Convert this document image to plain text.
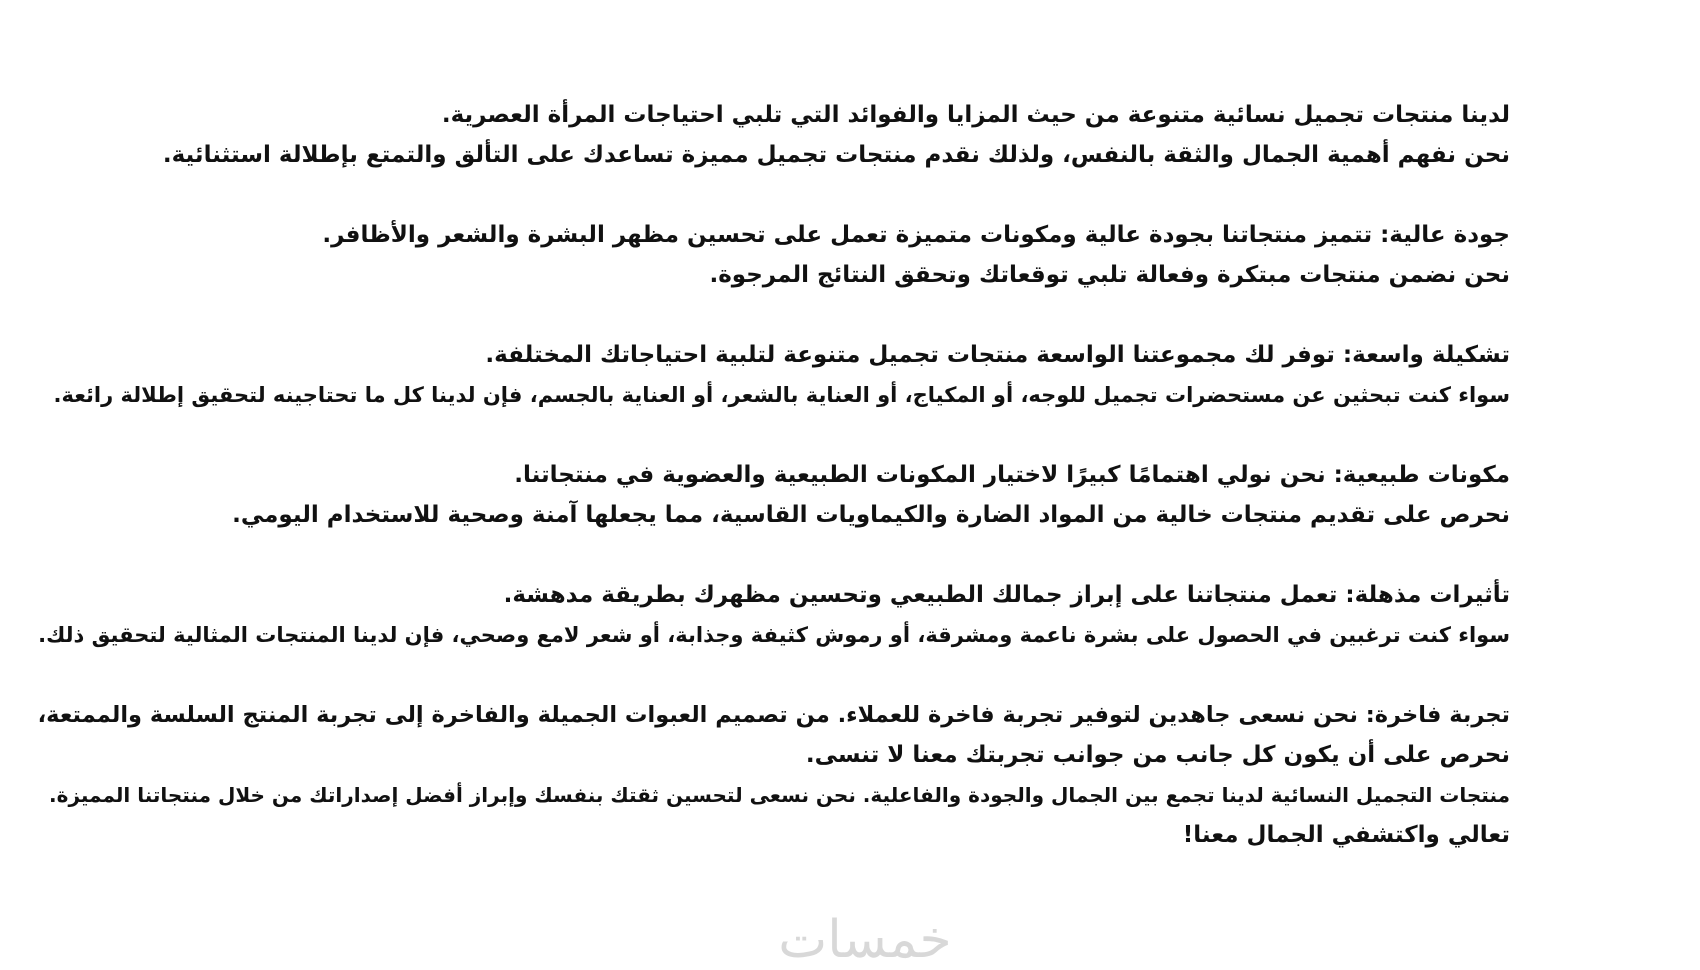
لدينا منتجات تجميل نسائية متنوعة من حيث المزايا والفوائد التي تلبي احتياجات المرأة العصرية.

نحن نفهم أهمية الجمال والثقة بالنفس، ولذلك نقدم منتجات تجميل مميزة تساعدك على التألق والتمتع بإطلالة استثنائية.

جودة عالية: تتميز منتجاتنا بجودة عالية ومكونات متميزة تعمل على تحسين مظهر البشرة والشعر والأظافر.

نحن نضمن منتجات مبتكرة وفعالة تلبي توقعاتك وتحقق النتائج المرجوة.

تشكيلة واسعة: توفر لك مجموعتنا الواسعة منتجات تجميل متنوعة لتلبية احتياجاتك المختلفة.

سواء كنت تبحثين عن مستحضرات تجميل للوجه، أو المكياج، أو العناية بالشعر، أو العناية بالجسم، فإن لدينا كل ما تحتاجينه لتحقيق إطلالة رائعة.

مكونات طبيعية: نحن نولي اهتمامًا كبيرًا لاختيار المكونات الطبيعية والعضوية في منتجاتنا.

نحرص على تقديم منتجات خالية من المواد الضارة والكيماويات القاسية، مما يجعلها آمنة وصحية للاستخدام اليومي.

تأثيرات مذهلة: تعمل منتجاتنا على إبراز جمالك الطبيعي وتحسين مظهرك بطريقة مدهشة.

سواء كنت ترغبين في الحصول على بشرة ناعمة ومشرقة، أو رموش كثيفة وجذابة، أو شعر لامع وصحي، فإن لدينا المنتجات المثالية لتحقيق ذلك.

تجربة فاخرة: نحن نسعى جاهدين لتوفير تجربة فاخرة للعملاء. من تصميم العبوات الجميلة والفاخرة إلى تجربة المنتج السلسة والممتعة،

نحرص على أن يكون كل جانب من جوانب تجربتك معنا لا تنسى.

منتجات التجميل النسائية لدينا تجمع بين الجمال والجودة والفاعلية. نحن نسعى لتحسين ثقتك بنفسك وإبراز أفضل إصداراتك من خلال منتجاتنا المميزة.

تعالي واكتشفي الجمال معنا!

خمسات
